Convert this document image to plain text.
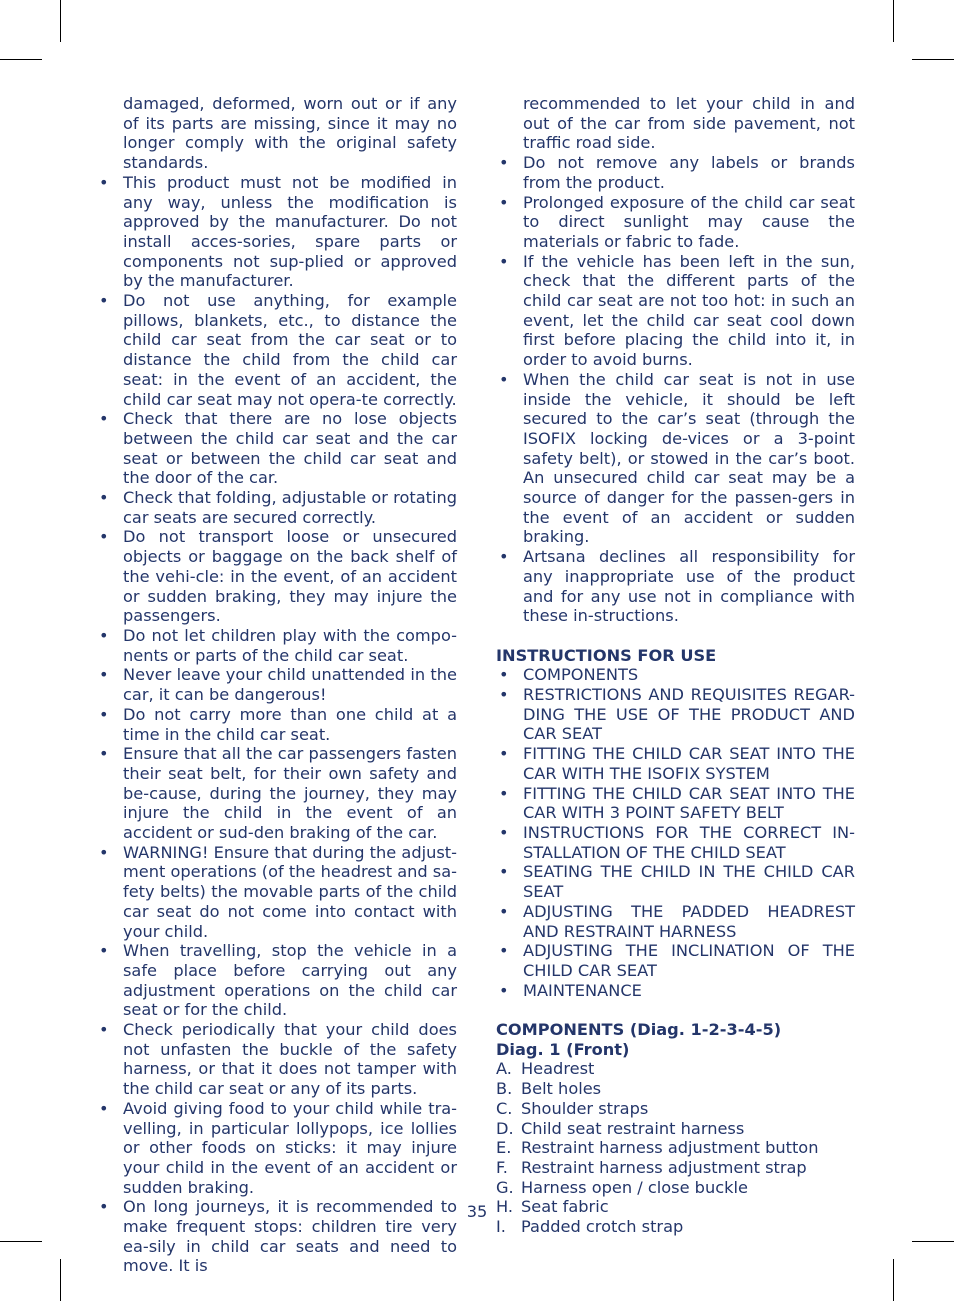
damaged, deformed, worn out or if any of its parts are missing, since it may no longer comply with the original safety standards.
• This product must not be modified in any way, unless the modification is approved by the manufacturer. Do not install acces-sories, spare parts or components not sup-plied or approved by the manufacturer.
• Do not use anything, for example pillows, blankets, etc., to distance the child car seat from the car seat or to distance the child from the child car seat: in the event of an accident, the child car seat may not opera-te correctly.
• Check that there are no lose objects between the child car seat and the car seat or between the child car seat and the door of the car.
• Check that folding, adjustable or rotating car seats are secured correctly.
• Do not transport loose or unsecured objects or baggage on the back shelf of the vehi-cle: in the event, of an accident or sudden braking, they may injure the passengers.
• Do not let children play with the compo-nents or parts of the child car seat.
• Never leave your child unattended in the car, it can be dangerous!
• Do not carry more than one child at a time in the child car seat.
• Ensure that all the car passengers fasten their seat belt, for their own safety and be-cause, during the journey, they may injure the child in the event of an accident or sud-den braking of the car.
• WARNING! Ensure that during the adjust-ment operations (of the headrest and sa-fety belts) the movable parts of the child car seat do not come into contact with your child.
• When travelling, stop the vehicle in a safe place before carrying out any adjustment operations on the child car seat or for the child.
• Check periodically that your child does not unfasten the buckle of the safety harness, or that it does not tamper with the child car seat or any of its parts.
• Avoid giving food to your child while tra-velling, in particular lollypops, ice lollies or other foods on sticks: it may injure your child in the event of an accident or sudden braking.
• On long journeys, it is recommended to make frequent stops: children tire very ea-sily in child car seats and need to move. It is
recommended to let your child in and out of the car from side pavement, not traffic road side.
• Do not remove any labels or brands from the product.
• Prolonged exposure of the child car seat to direct sunlight may cause the materials or fabric to fade.
• If the vehicle has been left in the sun, check that the different parts of the child car seat are not too hot: in such an event, let the child car seat cool down first before placing the child into it, in order to avoid burns.
• When the child car seat is not in use inside the vehicle, it should be left secured to the car’s seat (through the ISOFIX locking de-vices or a 3-point safety belt), or stowed in the car’s boot. An unsecured child car seat may be a source of danger for the passen-gers in the event of an accident or sudden braking.
• Artsana declines all responsibility for any inappropriate use of the product and for any use not in compliance with these in-structions.
INSTRUCTIONS FOR USE
• COMPONENTS
• RESTRICTIONS AND REQUISITES REGAR-DING THE USE OF THE PRODUCT AND CAR SEAT
• FITTING THE CHILD CAR SEAT INTO THE CAR WITH THE ISOFIX SYSTEM
• FITTING THE CHILD CAR SEAT INTO THE CAR WITH 3 POINT SAFETY BELT
• INSTRUCTIONS FOR THE CORRECT IN-STALLATION OF THE CHILD SEAT
• SEATING THE CHILD IN THE CHILD CAR SEAT
• ADJUSTING THE PADDED HEADREST AND RESTRAINT HARNESS
• ADJUSTING THE INCLINATION OF THE CHILD CAR SEAT
• MAINTENANCE
COMPONENTS (Diag. 1-2-3-4-5)
Diag. 1 (Front)
A. Headrest
B. Belt holes
C. Shoulder straps
D. Child seat restraint harness
E. Restraint harness adjustment button
F. Restraint harness adjustment strap
G. Harness open / close buckle
H. Seat fabric
I. Padded crotch strap
35
